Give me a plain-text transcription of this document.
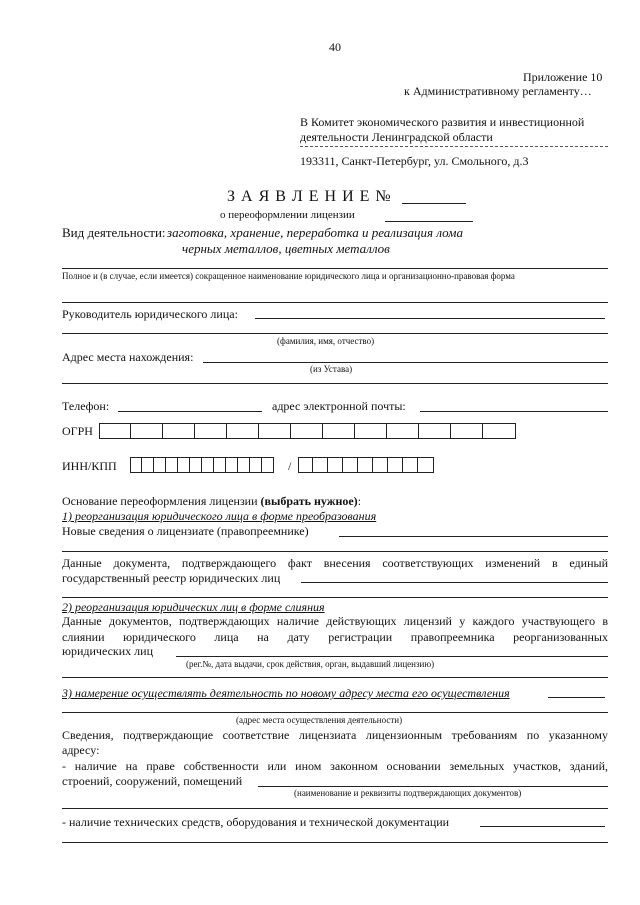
40
Приложение 10
к Административному регламенту…
В Комитет экономического развития и инвестиционной
деятельности Ленинградской области
193311, Санкт-Петербург, ул. Смольного, д.3
З А Я В Л Е Н И Е №
о переоформлении лицензии
Вид деятельности: заготовка, хранение, переработка и реализация лома
черных металлов, цветных металлов
Полное и (в случае, если имеется) сокращенное наименование юридического лица и организационно-правовая форма
Руководитель юридического лица:
(фамилия, имя, отчество)
Адрес места нахождения:
(из Устава)
Телефон:	адрес электронной почты:
ОГРН
ИНН/КПП	/
Основание переоформления лицензии (выбрать нужное):
1) реорганизация юридического лица в форме преобразования
Новые сведения о лицензиате (правопреемнике)
Данные документа, подтверждающего факт внесения соответствующих изменений в единый
государственный реестр юридических лиц
2) реорганизация юридических лиц в форме слияния
Данные документов, подтверждающих наличие действующих лицензий у каждого участвующего в
слиянии юридического лица на дату регистрации правопреемника реорганизованных
юридических лиц
(рег.№, дата выдачи, срок действия, орган, выдавший лицензию)
3) намерение осуществлять деятельность по новому адресу места его осуществления
(адрес места осуществления деятельности)
Сведения, подтверждающие соответствие лицензиата лицензионным требованиям по указанному
адресу:
- наличие на праве собственности или ином законном основании земельных участков, зданий,
строений, сооружений, помещений
(наименование и реквизиты подтверждающих документов)
- наличие технических средств, оборудования и технической документации
